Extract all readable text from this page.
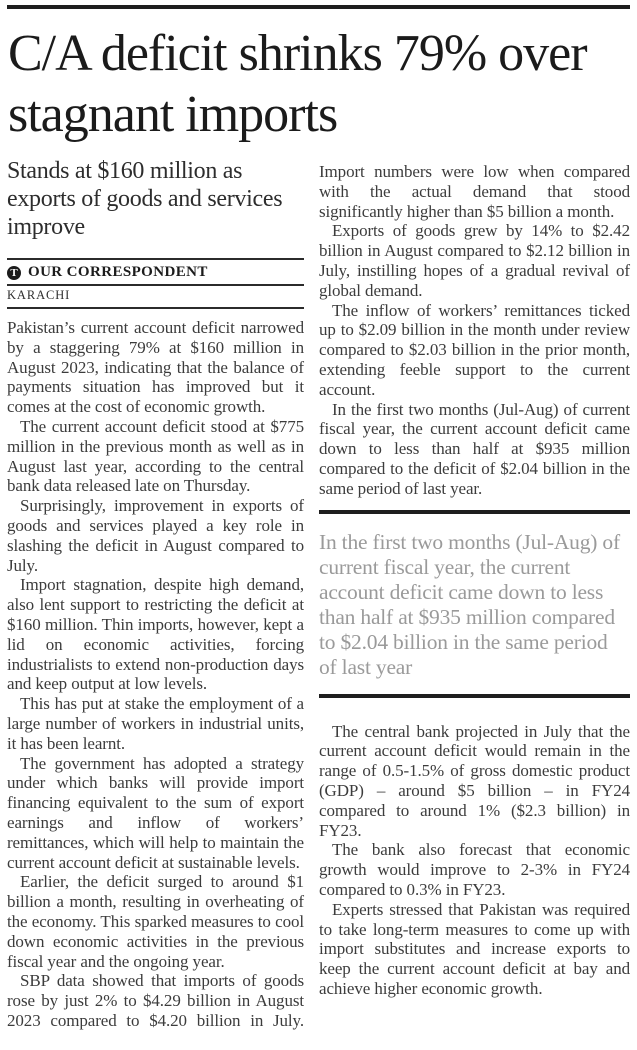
C/A deficit shrinks 79% over stagnant imports
Stands at $160 million as exports of goods and services improve
T OUR CORRESPONDENT
KARACHI

Pakistan’s current account deficit narrowed by a staggering 79% at $160 million in August 2023, indicating that the balance of payments situation has improved but it comes at the cost of economic growth.

The current account deficit stood at $775 million in the previous month as well as in August last year, according to the central bank data released late on Thursday.

Surprisingly, improvement in exports of goods and services played a key role in slashing the deficit in August compared to July.

Import stagnation, despite high demand, also lent support to restricting the deficit at $160 million. Thin imports, however, kept a lid on economic activities, forcing industrialists to extend non-production days and keep output at low levels.

This has put at stake the employment of a large number of workers in industrial units, it has been learnt.

The government has adopted a strategy under which banks will provide import financing equivalent to the sum of export earnings and inflow of workers’ remittances, which will help to maintain the current account deficit at sustainable levels.

Earlier, the deficit surged to around $1 billion a month, resulting in overheating of the economy. This sparked measures to cool down economic activities in the previous fiscal year and the ongoing year.

SBP data showed that imports of goods rose by just 2% to $4.29 billion in August 2023 compared to $4.20 billion in July.

Import numbers were low when compared with the actual demand that stood significantly higher than $5 billion a month.

Exports of goods grew by 14% to $2.42 billion in August compared to $2.12 billion in July, instilling hopes of a gradual revival of global demand.

The inflow of workers’ remittances ticked up to $2.09 billion in the month under review compared to $2.03 billion in the prior month, extending feeble support to the current account.

In the first two months (Jul-Aug) of current fiscal year, the current account deficit came down to less than half at $935 million compared to the deficit of $2.04 billion in the same period of last year.

In the first two months (Jul-Aug) of current fiscal year, the current account deficit came down to less than half at $935 million compared to $2.04 billion in the same period of last year

The central bank projected in July that the current account deficit would remain in the range of 0.5-1.5% of gross domestic product (GDP) – around $5 billion – in FY24 compared to around 1% ($2.3 billion) in FY23.

The bank also forecast that economic growth would improve to 2-3% in FY24 compared to 0.3% in FY23.

Experts stressed that Pakistan was required to take long-term measures to come up with import substitutes and increase exports to keep the current account deficit at bay and achieve higher economic growth.
